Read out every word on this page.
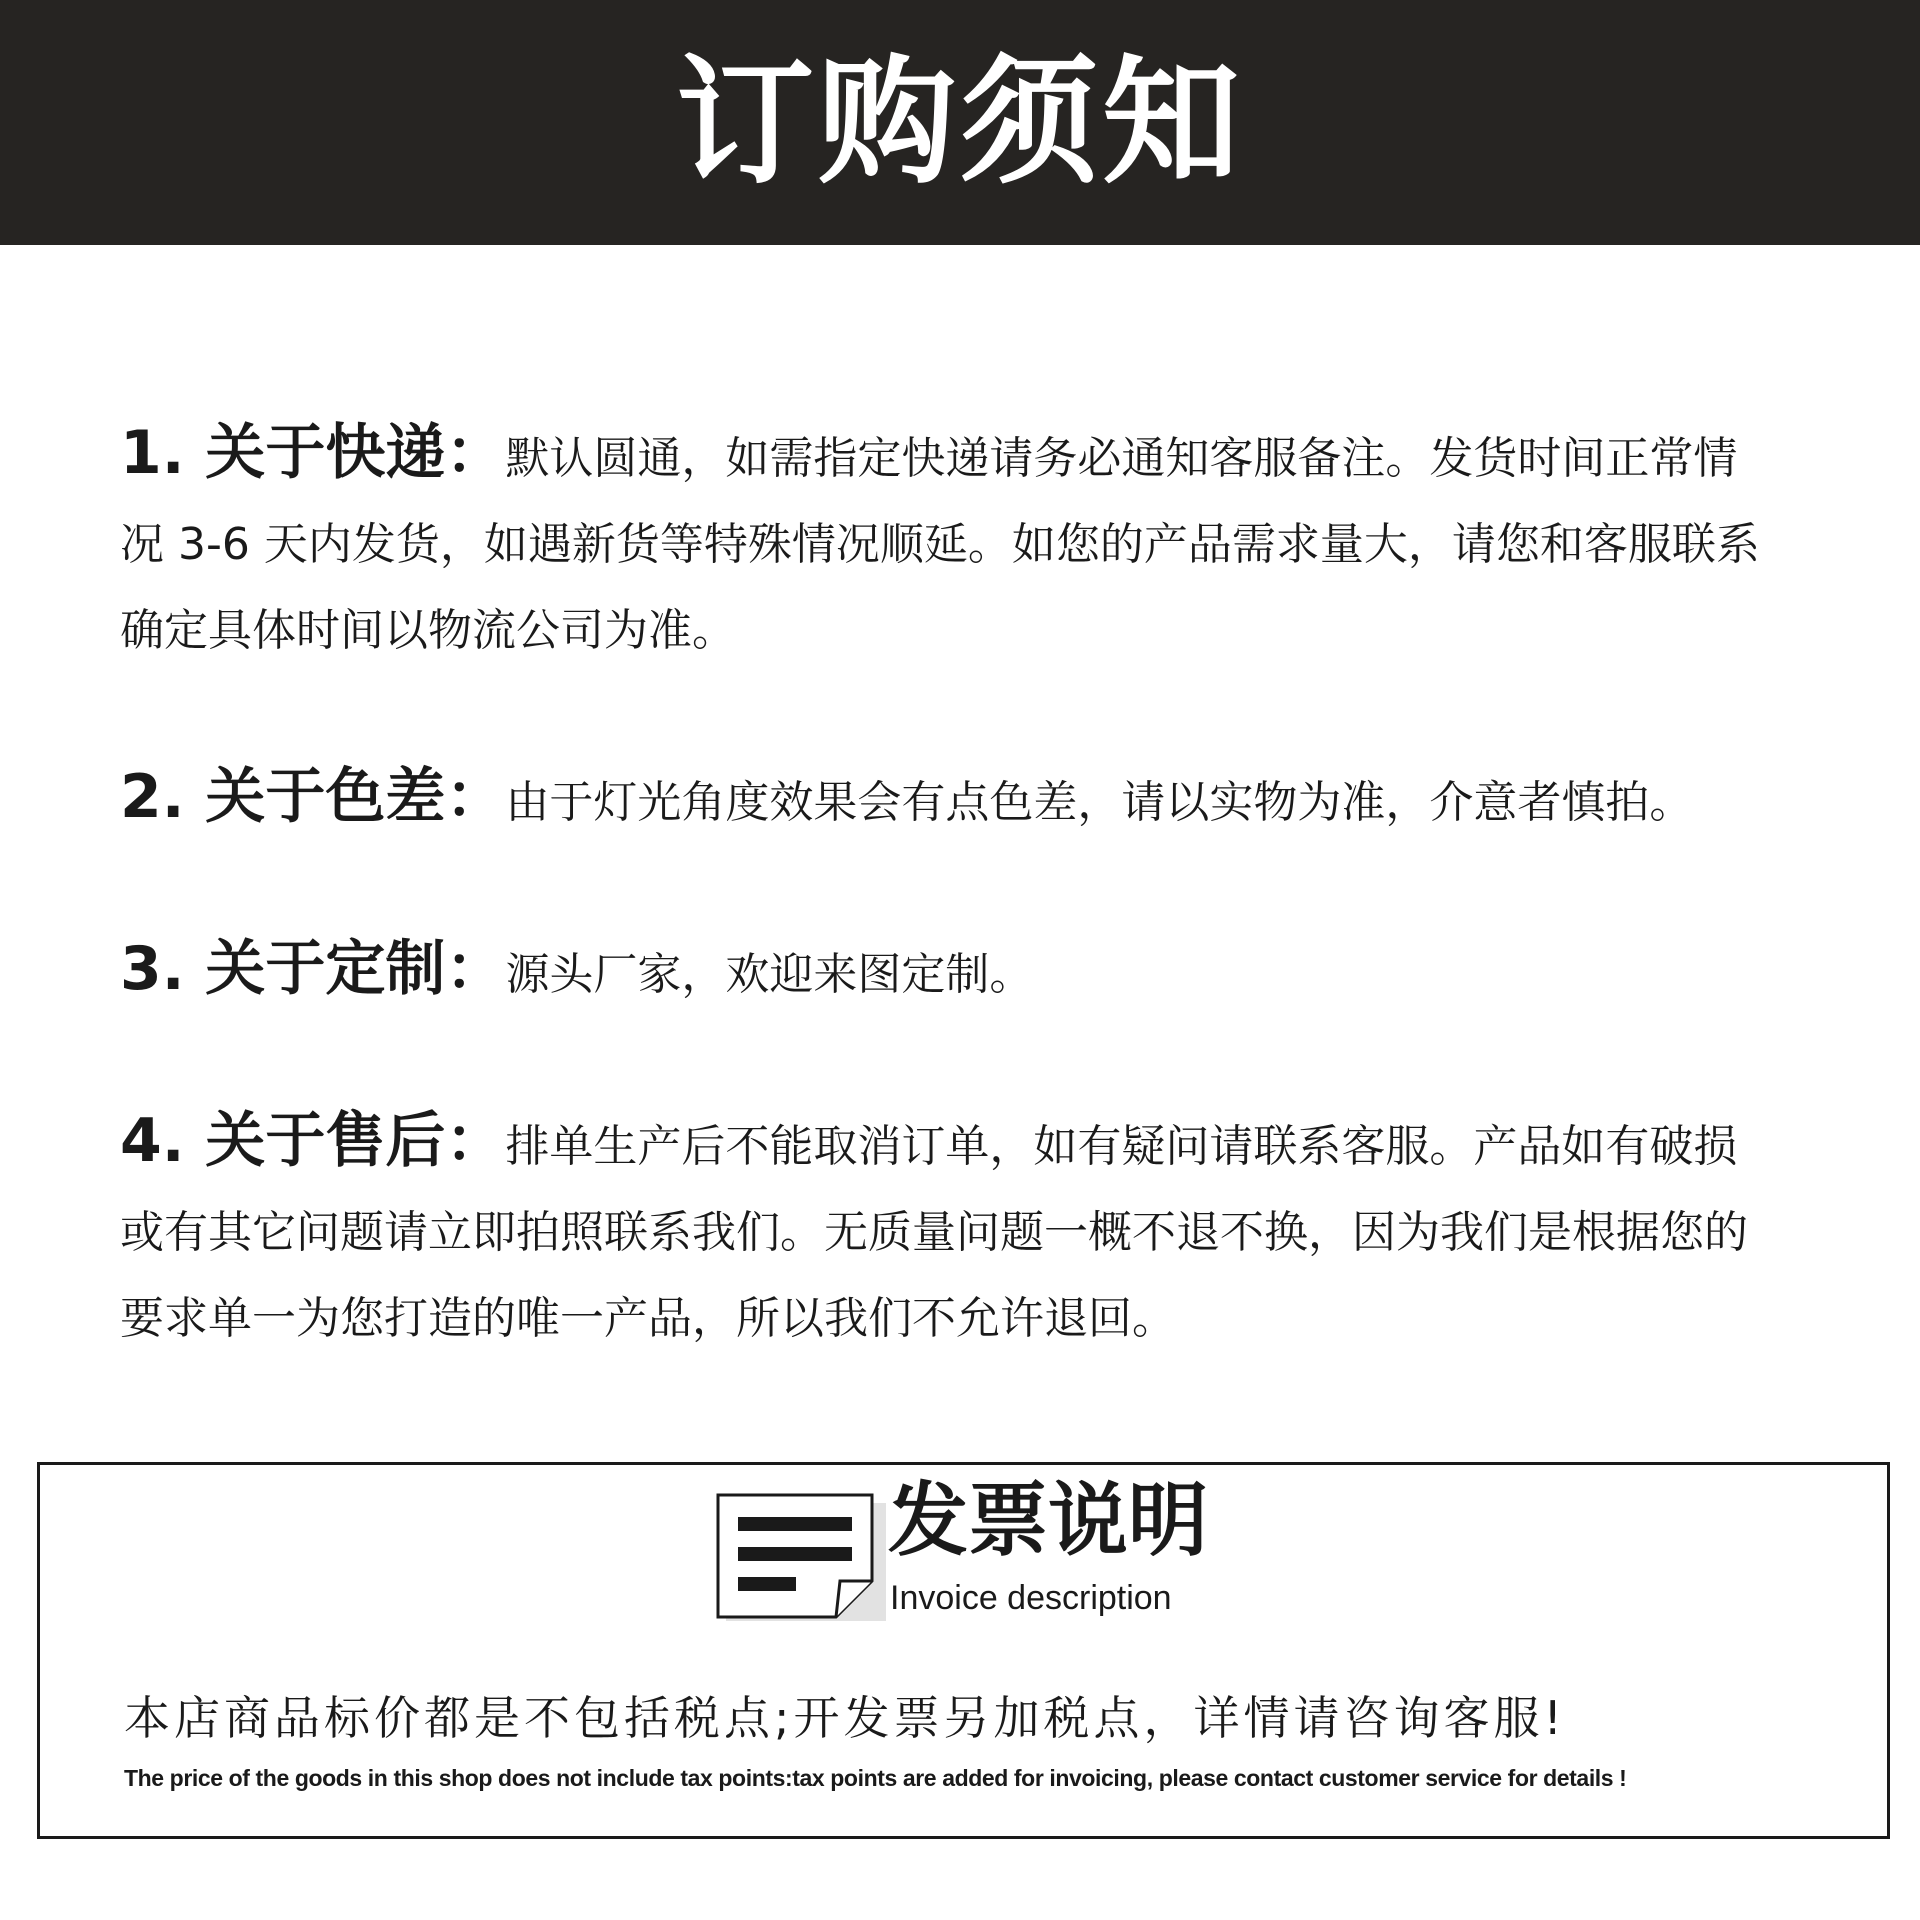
订购须知
1. 关于快递：默认圆通，如需指定快递请务必通知客服备注。发货时间正常情况 3-6 天内发货，如遇新货等特殊情况顺延。如您的产品需求量大，请您和客服联系确定具体时间以物流公司为准。
2. 关于色差：由于灯光角度效果会有点色差，请以实物为准，介意者慎拍。
3. 关于定制：源头厂家，欢迎来图定制。
4. 关于售后：排单生产后不能取消订单，如有疑问请联系客服。产品如有破损或有其它问题请立即拍照联系我们。无质量问题一概不退不换，因为我们是根据您的要求单一为您打造的唯一产品，所以我们不允许退回。
发票说明
Invoice description
本店商品标价都是不包括税点;开发票另加税点，详情请咨询客服!
The price of the goods in this shop does not include tax points:tax points are added for invoicing, please contact customer service for details !
